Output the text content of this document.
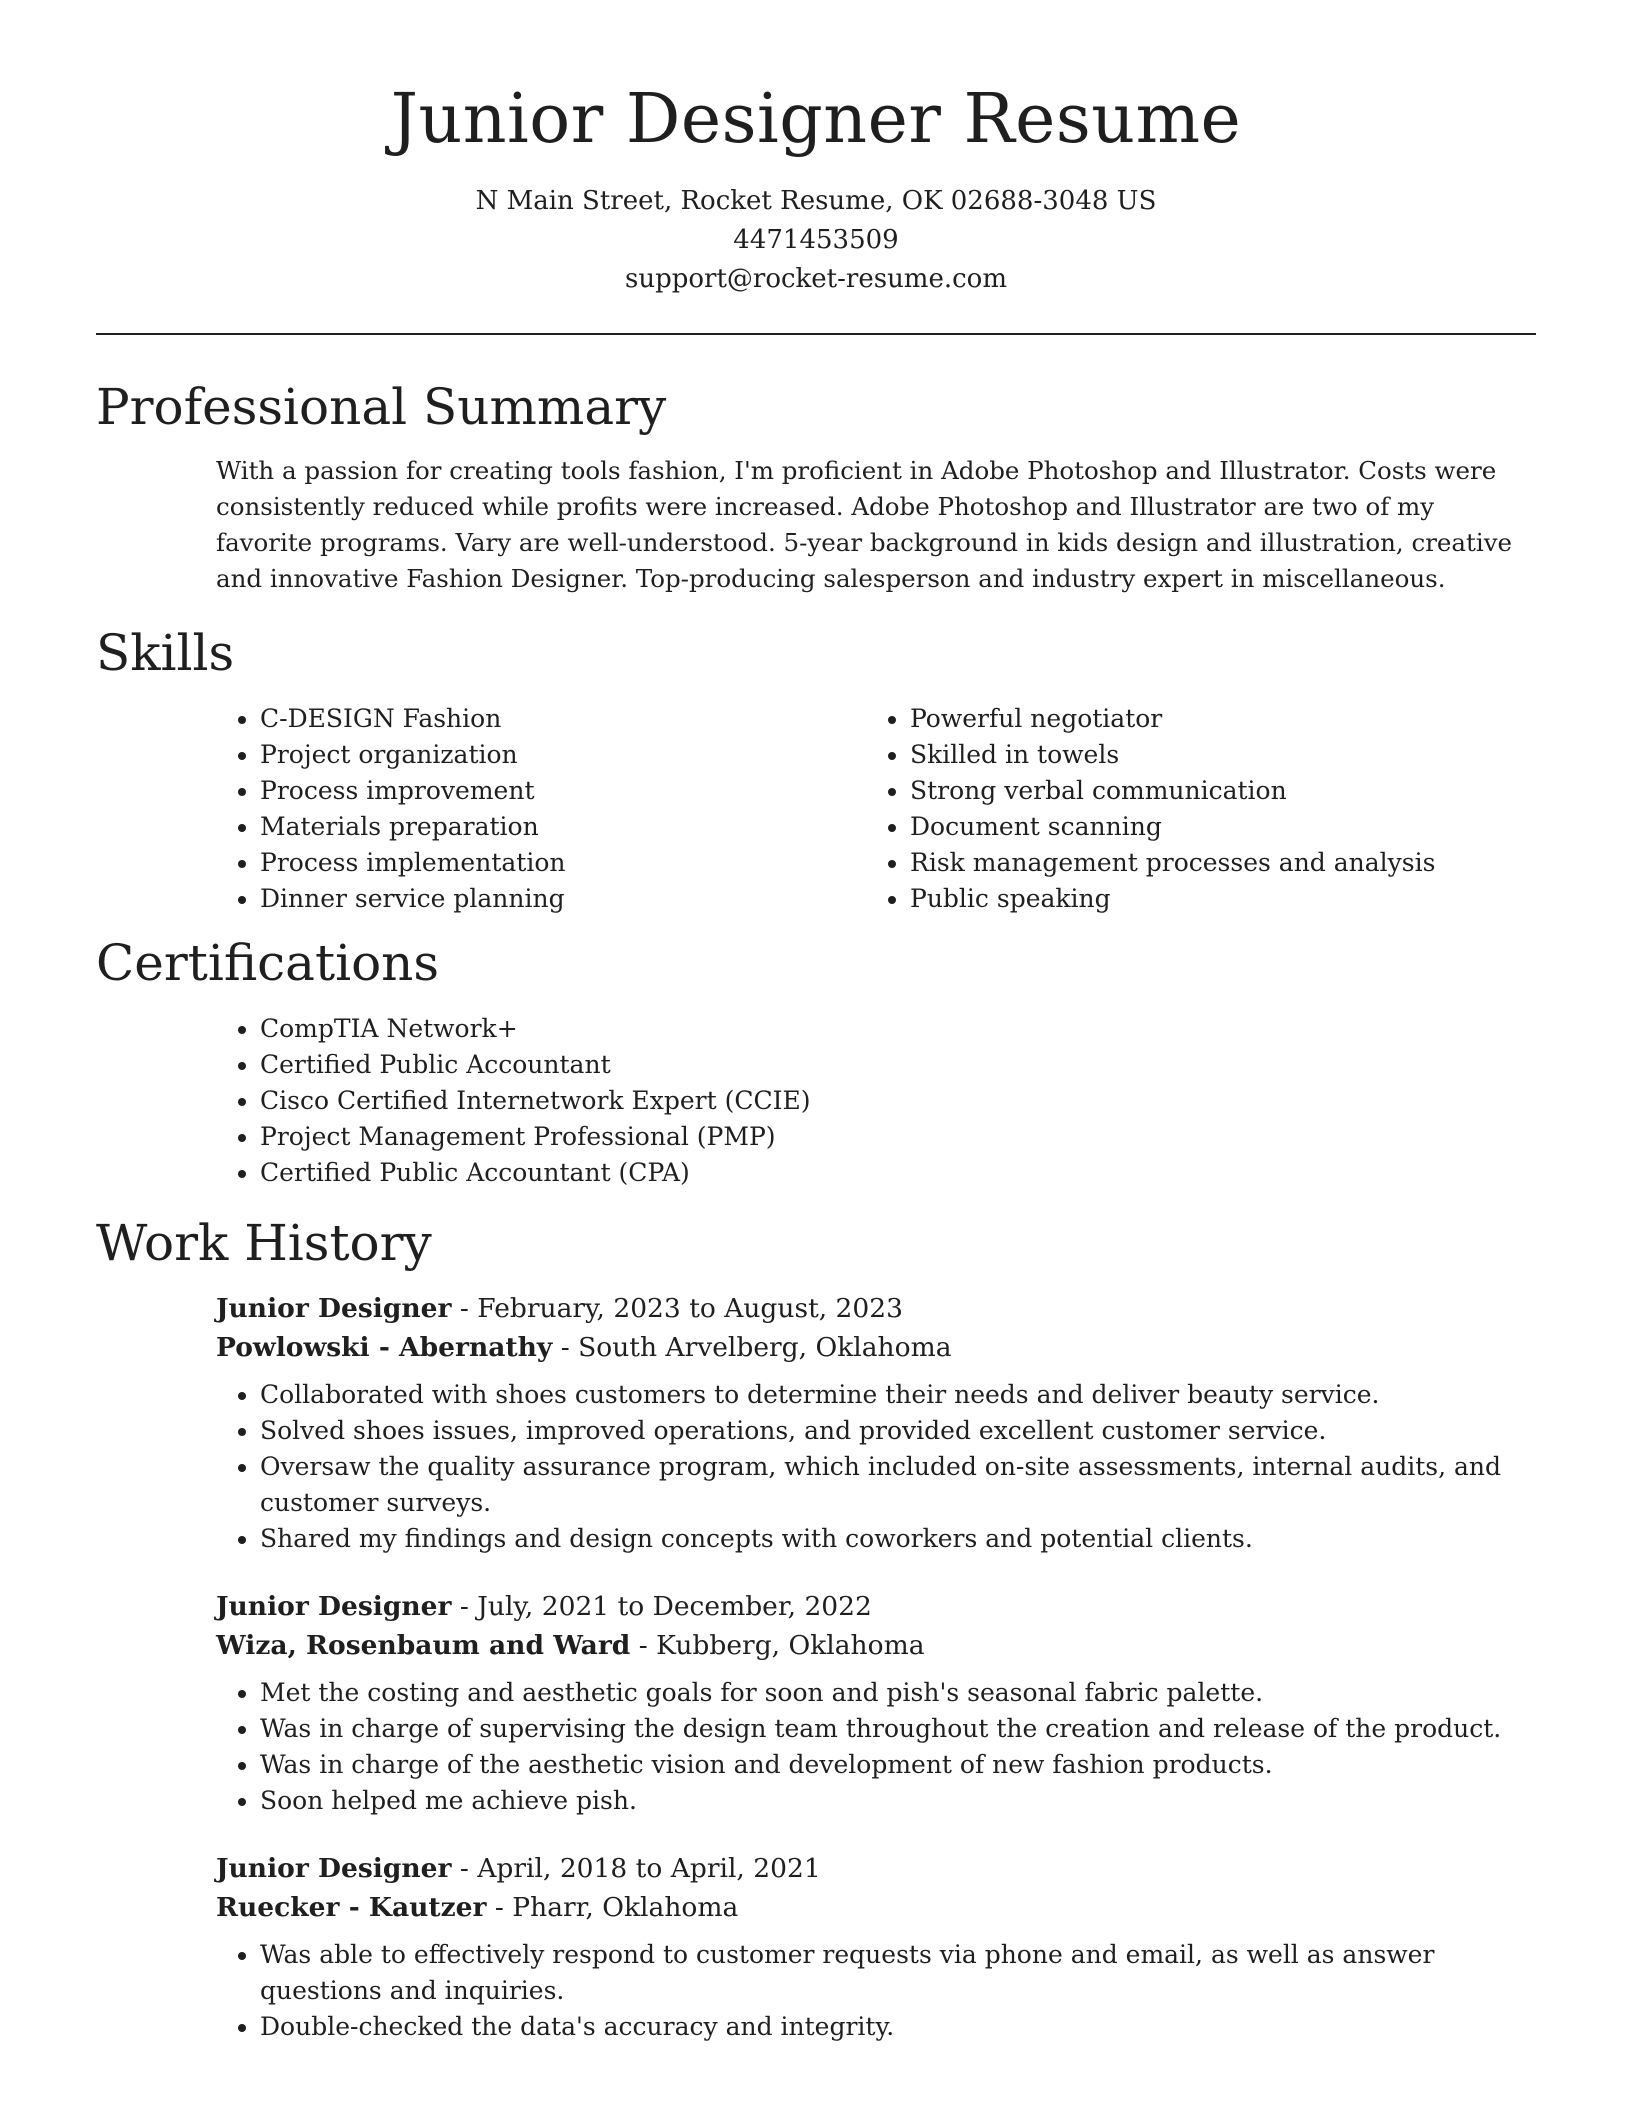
Junior Designer Resume
N Main Street, Rocket Resume, OK 02688-3048 US
4471453509
support@rocket-resume.com
Professional Summary

With a passion for creating tools fashion, I'm proficient in Adobe Photoshop and Illustrator. Costs were consistently reduced while profits were increased. Adobe Photoshop and Illustrator are two of my favorite programs. Vary are well-understood. 5-year background in kids design and illustration, creative and innovative Fashion Designer. Top-producing salesperson and industry expert in miscellaneous.

Skills
• C-DESIGN Fashion
• Project organization
• Process improvement
• Materials preparation
• Process implementation
• Dinner service planning
• Powerful negotiator
• Skilled in towels
• Strong verbal communication
• Document scanning
• Risk management processes and analysis
• Public speaking
Certifications
• CompTIA Network+
• Certified Public Accountant
• Cisco Certified Internetwork Expert (CCIE)
• Project Management Professional (PMP)
• Certified Public Accountant (CPA)
Work History
Junior Designer - February, 2023 to August, 2023
Powlowski - Abernathy - South Arvelberg, Oklahoma
• Collaborated with shoes customers to determine their needs and deliver beauty service.
• Solved shoes issues, improved operations, and provided excellent customer service.
• Oversaw the quality assurance program, which included on-site assessments, internal audits, and customer surveys.
• Shared my findings and design concepts with coworkers and potential clients.
Junior Designer - July, 2021 to December, 2022
Wiza, Rosenbaum and Ward - Kubberg, Oklahoma
• Met the costing and aesthetic goals for soon and pish's seasonal fabric palette.
• Was in charge of supervising the design team throughout the creation and release of the product.
• Was in charge of the aesthetic vision and development of new fashion products.
• Soon helped me achieve pish.
Junior Designer - April, 2018 to April, 2021
Ruecker - Kautzer - Pharr, Oklahoma
• Was able to effectively respond to customer requests via phone and email, as well as answer questions and inquiries.
• Double-checked the data's accuracy and integrity.
